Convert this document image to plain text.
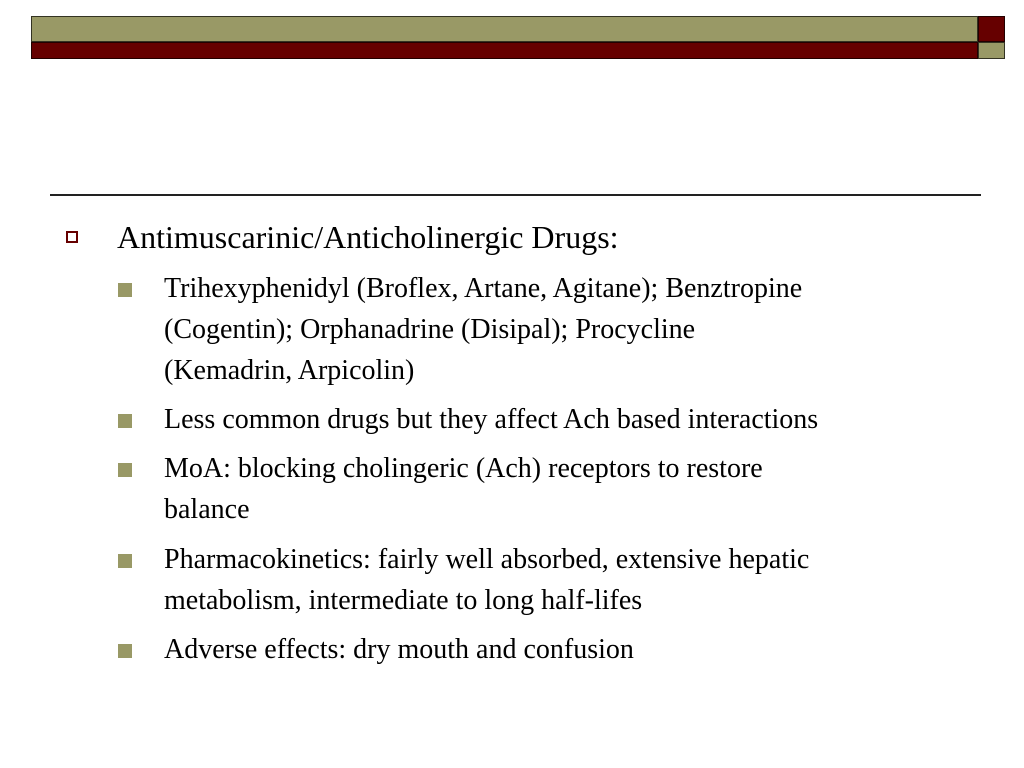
Antimuscarinic/Anticholinergic Drugs:
Trihexyphenidyl (Broflex, Artane, Agitane); Benztropine
(Cogentin); Orphanadrine (Disipal); Procycline
(Kemadrin, Arpicolin)
Less common drugs but they affect Ach based interactions
MoA: blocking cholingeric (Ach) receptors to restore
balance
Pharmacokinetics: fairly well absorbed, extensive hepatic
metabolism, intermediate to long half-lifes
Adverse effects: dry mouth and confusion
